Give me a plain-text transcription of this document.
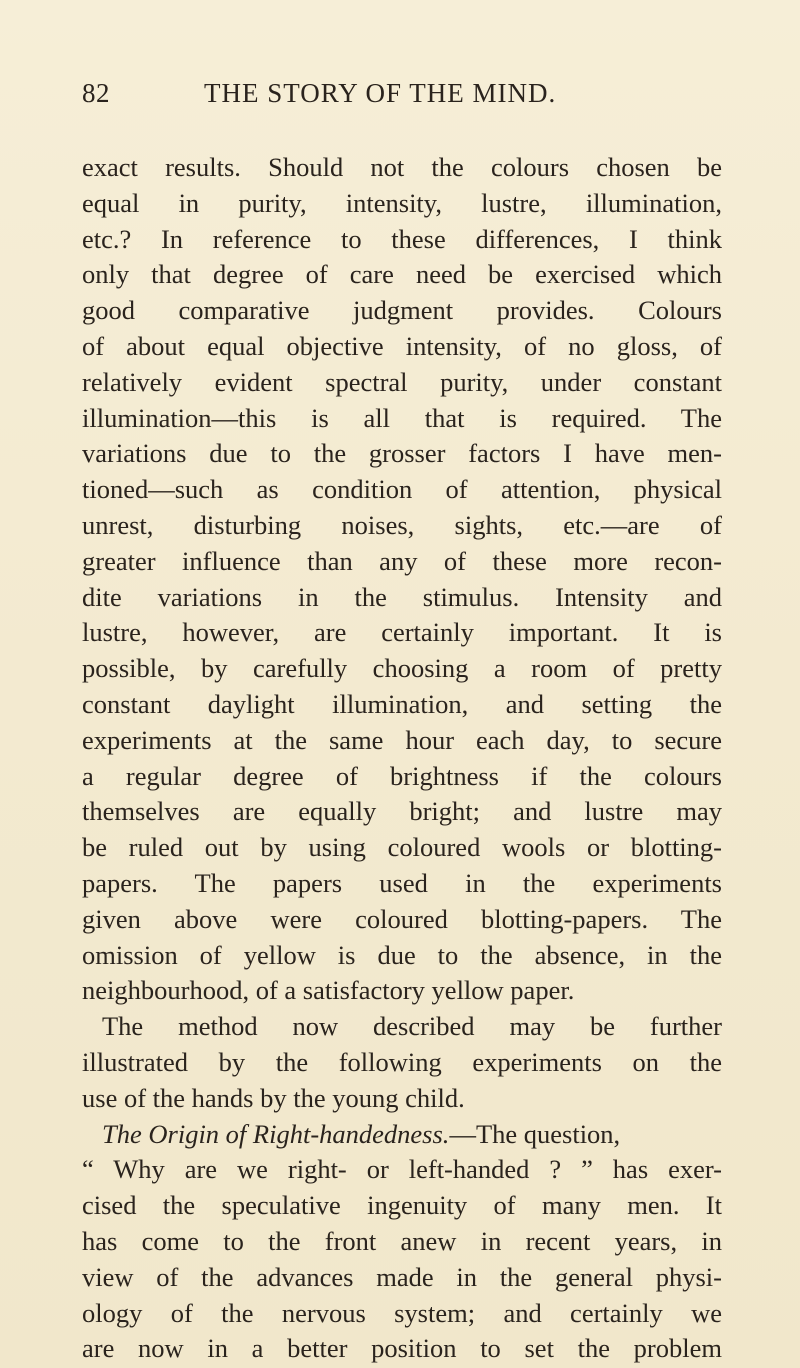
82	THE STORY OF THE MIND.
exact results. Should not the colours chosen be
equal in purity, intensity, lustre, illumination,
etc.? In reference to these differences, I think
only that degree of care need be exercised which
good comparative judgment provides. Colours
of about equal objective intensity, of no gloss, of
relatively evident spectral purity, under constant
illumination—this is all that is required. The
variations due to the grosser factors I have men-
tioned—such as condition of attention, physical
unrest, disturbing noises, sights, etc.—are of
greater influence than any of these more recon-
dite variations in the stimulus. Intensity and
lustre, however, are certainly important. It is
possible, by carefully choosing a room of pretty
constant daylight illumination, and setting the
experiments at the same hour each day, to secure
a regular degree of brightness if the colours
themselves are equally bright; and lustre may
be ruled out by using coloured wools or blotting-
papers. The papers used in the experiments
given above were coloured blotting-papers. The
omission of yellow is due to the absence, in the
neighbourhood, of a satisfactory yellow paper.
The method now described may be further
illustrated by the following experiments on the
use of the hands by the young child.
The Origin of Right-handedness.—The question,
“ Why are we right- or left-handed ? ” has exer-
cised the speculative ingenuity of many men. It
has come to the front anew in recent years, in
view of the advances made in the general physi-
ology of the nervous system; and certainly we
are now in a better position to set the problem
